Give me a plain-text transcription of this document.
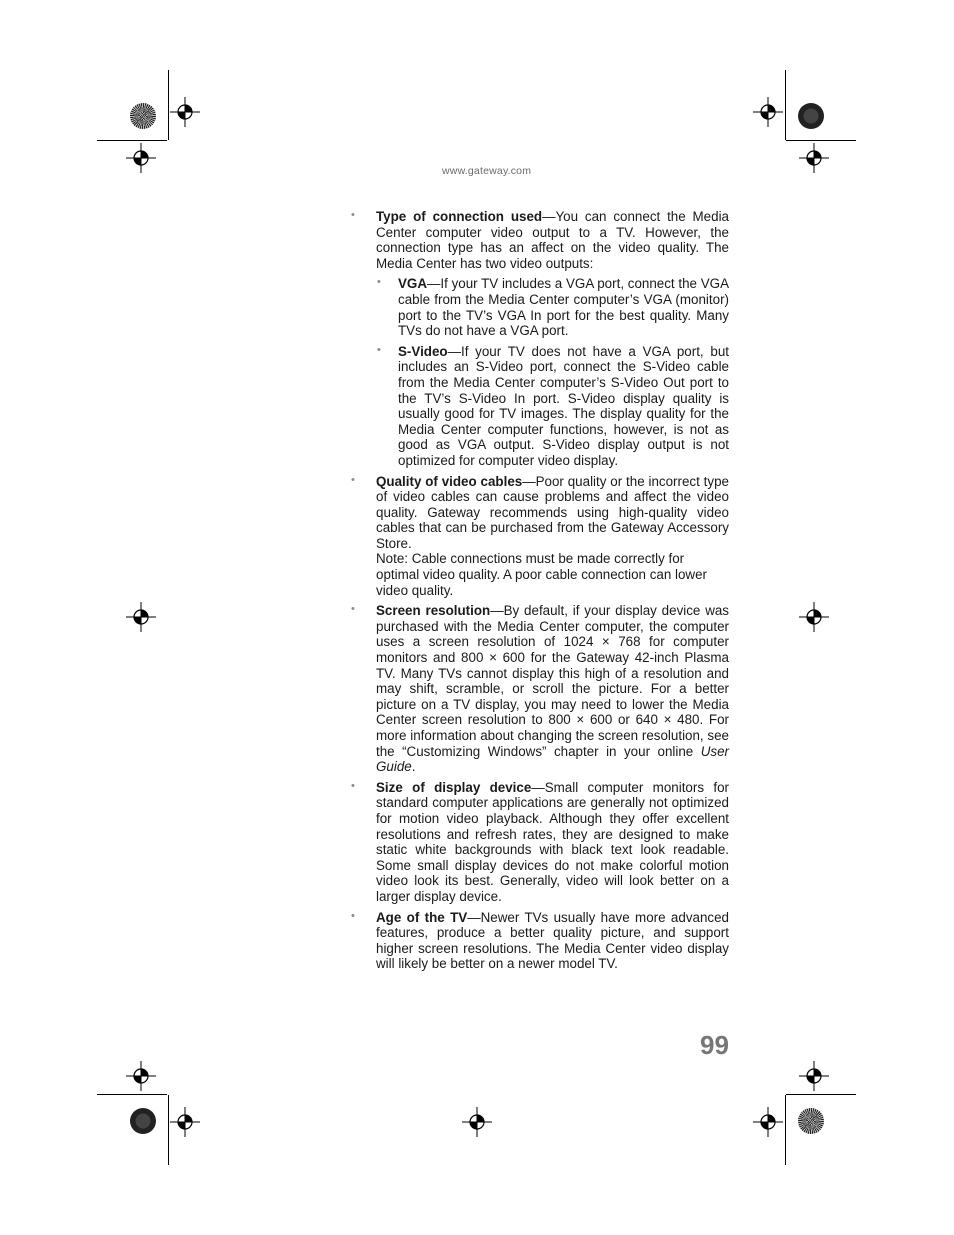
www.gateway.com
• Type of connection used—You can connect the Media Center computer video output to a TV. However, the connection type has an affect on the video quality. The Media Center has two video outputs:
• VGA—If your TV includes a VGA port, connect the VGA cable from the Media Center computer’s VGA (monitor) port to the TV’s VGA In port for the best quality. Many TVs do not have a VGA port.
• S-Video—If your TV does not have a VGA port, but includes an S-Video port, connect the S-Video cable from the Media Center computer’s S-Video Out port to the TV’s S-Video In port. S-Video display quality is usually good for TV images. The display quality for the Media Center computer functions, however, is not as good as VGA output. S-Video display output is not optimized for computer video display.
• Quality of video cables—Poor quality or the incorrect type of video cables can cause problems and affect the video quality. Gateway recommends using high-quality video cables that can be purchased from the Gateway Accessory Store.
Note: Cable connections must be made correctly for optimal video quality. A poor cable connection can lower video quality.
• Screen resolution—By default, if your display device was purchased with the Media Center computer, the computer uses a screen resolution of 1024 × 768 for computer monitors and 800 × 600 for the Gateway 42-inch Plasma TV. Many TVs cannot display this high of a resolution and may shift, scramble, or scroll the picture. For a better picture on a TV display, you may need to lower the Media Center screen resolution to 800 × 600 or 640 × 480. For more information about changing the screen resolution, see the “Customizing Windows” chapter in your online User Guide.
• Size of display device—Small computer monitors for standard computer applications are generally not optimized for motion video playback. Although they offer excellent resolutions and refresh rates, they are designed to make static white backgrounds with black text look readable. Some small display devices do not make colorful motion video look its best. Generally, video will look better on a larger display device.
• Age of the TV—Newer TVs usually have more advanced features, produce a better quality picture, and support higher screen resolutions. The Media Center video display will likely be better on a newer model TV.
99
